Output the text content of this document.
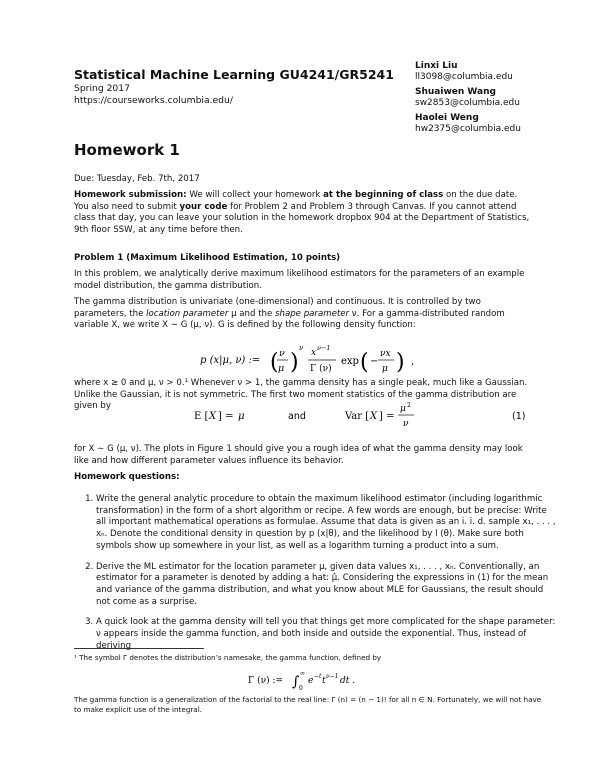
Statistical Machine Learning GU4241/GR5241
Spring 2017
https://courseworks.columbia.edu/
Linxi Liu
ll3098@columbia.edu
Shuaiwen Wang
sw2853@columbia.edu
Haolei Weng
hw2375@columbia.edu
Homework 1
Due: Tuesday, Feb. 7th, 2017
Homework submission: We will collect your homework at the beginning of class on the due date. You also need to submit your code for Problem 2 and Problem 3 through Canvas. If you cannot attend class that day, you can leave your solution in the homework dropbox 904 at the Department of Statistics, 9th floor SSW, at any time before then.
Problem 1 (Maximum Likelihood Estimation, 10 points)
In this problem, we analytically derive maximum likelihood estimators for the parameters of an example model distribution, the gamma distribution.
The gamma distribution is univariate (one-dimensional) and continuous. It is controlled by two parameters, the location parameter μ and the shape parameter ν. For a gamma-distributed random variable X, we write X ∼ G (μ, ν). G is defined by the following density function:
p (x|μ, ν) := ( ν
μ )
ν x ν−1
Γ (ν)
exp ( −
νx
μ ) ,
where x ≥ 0 and μ, ν > 0.¹ Whenever ν > 1, the gamma density has a single peak, much like a Gaussian. Unlike the Gaussian, it is not symmetric. The first two moment statistics of the gamma distribution are given by
E [ X ] = μ	and	Var [ X ] =
μ 2
ν
(1)
for X ∼ G (μ, ν). The plots in Figure 1 should give you a rough idea of what the gamma density may look like and how different parameter values influence its behavior.
Homework questions:
1. Write the general analytic procedure to obtain the maximum likelihood estimator (including logarithmic transformation) in the form of a short algorithm or recipe. A few words are enough, but be precise: Write all important mathematical operations as formulae. Assume that data is given as an i. i. d. sample x₁, . . . , xₙ. Denote the conditional density in question by p (x|θ), and the likelihood by l (θ). Make sure both symbols show up somewhere in your list, as well as a logarithm turning a product into a sum.
2. Derive the ML estimator for the location parameter μ, given data values x₁, . . . , xₙ. Conventionally, an estimator for a parameter is denoted by adding a hat: μ̂. Considering the expressions in (1) for the mean and variance of the gamma distribution, and what you know about MLE for Gaussians, the result should not come as a surprise.
3. A quick look at the gamma density will tell you that things get more complicated for the shape parameter: ν appears inside the gamma function, and both inside and outside the exponential. Thus, instead of deriving
¹ The symbol Γ denotes the distribution’s namesake, the gamma function, defined by
Γ (ν) := ∫
∞
0
e −t t ν−1 dt .
The gamma function is a generalization of the factorial to the real line: Γ (n) = (n − 1)! for all n ∈ N. Fortunately, we will not have to make explicit use of the integral.
